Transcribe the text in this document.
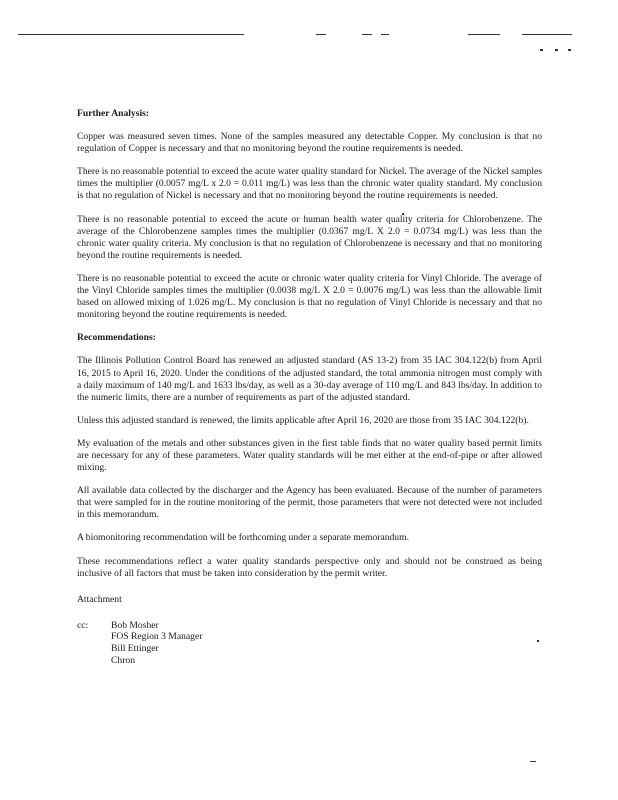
Further Analysis:

Copper was measured seven times. None of the samples measured any detectable Copper. My conclusion is that no regulation of Copper is necessary and that no monitoring beyond the routine requirements is needed.

There is no reasonable potential to exceed the acute water quality standard for Nickel. The average of the Nickel samples times the multiplier (0.0057 mg/L x 2.0 = 0.011 mg/L) was less than the chronic water quality standard. My conclusion is that no regulation of Nickel is necessary and that no monitoring beyond the routine requirements is needed.

There is no reasonable potential to exceed the acute or human health water quality criteria for Chlorobenzene. The average of the Chlorobenzene samples times the multiplier (0.0367 mg/L X 2.0 = 0.0734 mg/L) was less than the chronic water quality criteria. My conclusion is that no regulation of Chlorobenzene is necessary and that no monitoring beyond the routine requirements is needed.

There is no reasonable potential to exceed the acute or chronic water quality criteria for Vinyl Chloride. The average of the Vinyl Chloride samples times the multiplier (0.0038 mg/L X 2.0 = 0.0076 mg/L) was less than the allowable limit based on allowed mixing of 1.026 mg/L. My conclusion is that no regulation of Vinyl Chloride is necessary and that no monitoring beyond the routine requirements is needed.

Recommendations:

The Illinois Pollution Control Board has renewed an adjusted standard (AS 13-2) from 35 IAC 304.122(b) from April 16, 2015 to April 16, 2020. Under the conditions of the adjusted standard, the total ammonia nitrogen must comply with a daily maximum of 140 mg/L and 1633 lbs/day, as well as a 30-day average of 110 mg/L and 843 lbs/day. In addition to the numeric limits, there are a number of requirements as part of the adjusted standard.

Unless this adjusted standard is renewed, the limits applicable after April 16, 2020 are those from 35 IAC 304.122(b).

My evaluation of the metals and other substances given in the first table finds that no water quality based permit limits are necessary for any of these parameters. Water quality standards will be met either at the end-of-pipe or after allowed mixing.

All available data collected by the discharger and the Agency has been evaluated. Because of the number of parameters that were sampled for in the routine monitoring of the permit, those parameters that were not detected were not included in this memorandum.

A biomonitoring recommendation will be forthcoming under a separate memorandum.

These recommendations reflect a water quality standards perspective only and should not be construed as being inclusive of all factors that must be taken into consideration by the permit writer.

Attachment
cc:	Bob Mosher
FOS Region 3 Manager
Bill Ettinger
Chron
